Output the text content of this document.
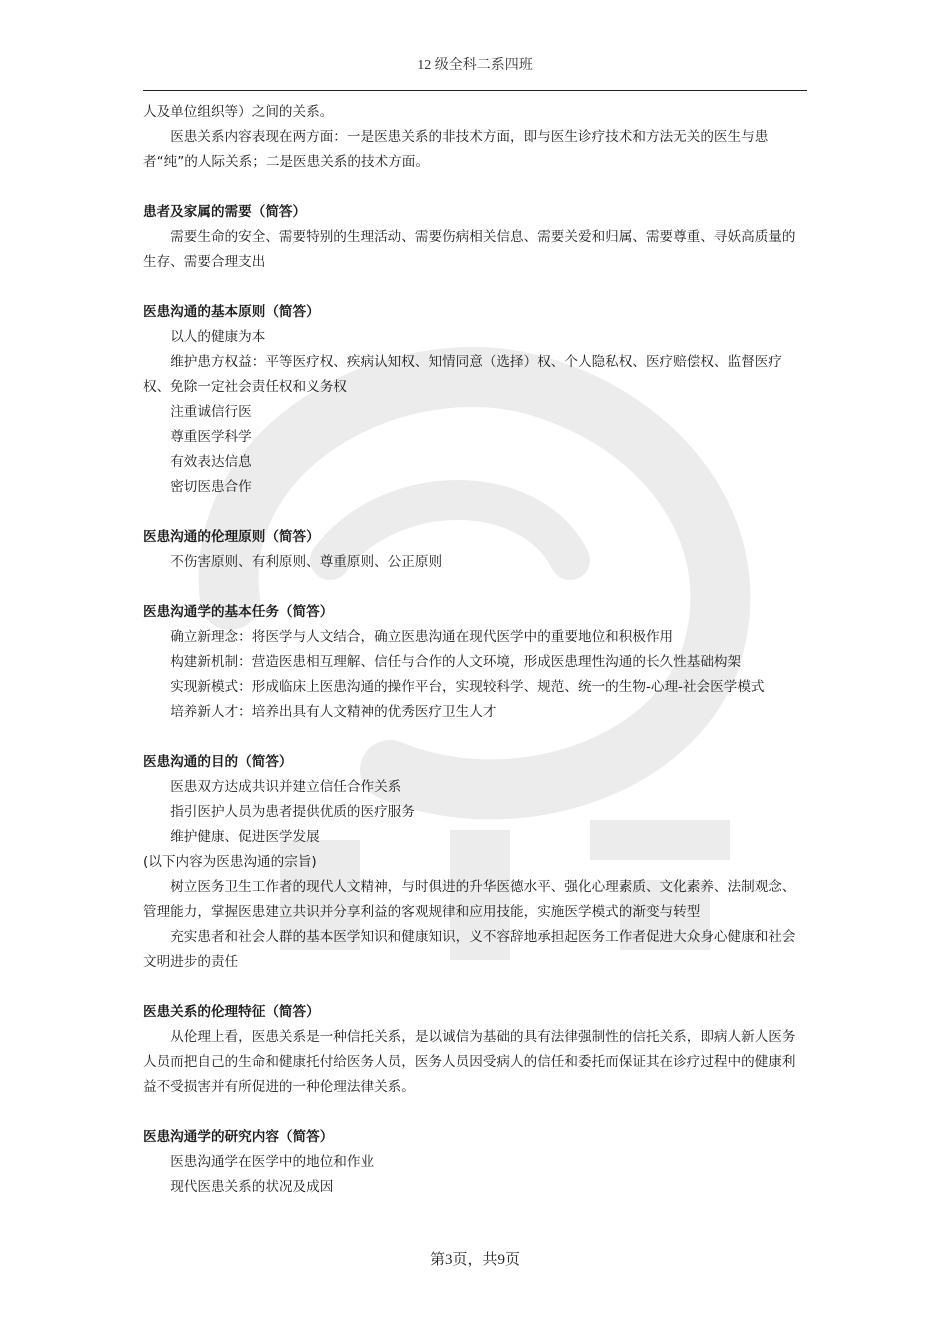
12 级全科二系四班

人及单位组织等）之间的关系。

医患关系内容表现在两方面：一是医患关系的非技术方面，即与医生诊疗技术和方法无关的医生与患者“纯”的人际关系；二是医患关系的技术方面。

患者及家属的需要（简答）

需要生命的安全、需要特别的生理活动、需要伤病相关信息、需要关爱和归属、需要尊重、寻妖高质量的生存、需要合理支出

医患沟通的基本原则（简答）

以人的健康为本

维护患方权益：平等医疗权、疾病认知权、知情同意（选择）权、个人隐私权、医疗赔偿权、监督医疗权、免除一定社会责任权和义务权

注重诚信行医

尊重医学科学

有效表达信息

密切医患合作

医患沟通的伦理原则（简答）

不伤害原则、有利原则、尊重原则、公正原则

医患沟通学的基本任务（简答）

确立新理念：将医学与人文结合，确立医患沟通在现代医学中的重要地位和积极作用

构建新机制：营造医患相互理解、信任与合作的人文环境，形成医患理性沟通的长久性基础构架

实现新模式：形成临床上医患沟通的操作平台，实现较科学、规范、统一的生物-心理-社会医学模式

培养新人才：培养出具有人文精神的优秀医疗卫生人才

医患沟通的目的（简答）

医患双方达成共识并建立信任合作关系

指引医护人员为患者提供优质的医疗服务

维护健康、促进医学发展

(以下内容为医患沟通的宗旨)

树立医务卫生工作者的现代人文精神，与时俱进的升华医德水平、强化心理素质、文化素养、法制观念、管理能力，掌握医患建立共识并分享利益的客观规律和应用技能，实施医学模式的渐变与转型

充实患者和社会人群的基本医学知识和健康知识，义不容辞地承担起医务工作者促进大众身心健康和社会文明进步的责任

医患关系的伦理特征（简答）

从伦理上看，医患关系是一种信托关系，是以诚信为基础的具有法律强制性的信托关系，即病人新人医务人员而把自己的生命和健康托付给医务人员，医务人员因受病人的信任和委托而保证其在诊疗过程中的健康利益不受损害并有所促进的一种伦理法律关系。

医患沟通学的研究内容（简答）

医患沟通学在医学中的地位和作业

现代医患关系的状况及成因

第3页，共9页
